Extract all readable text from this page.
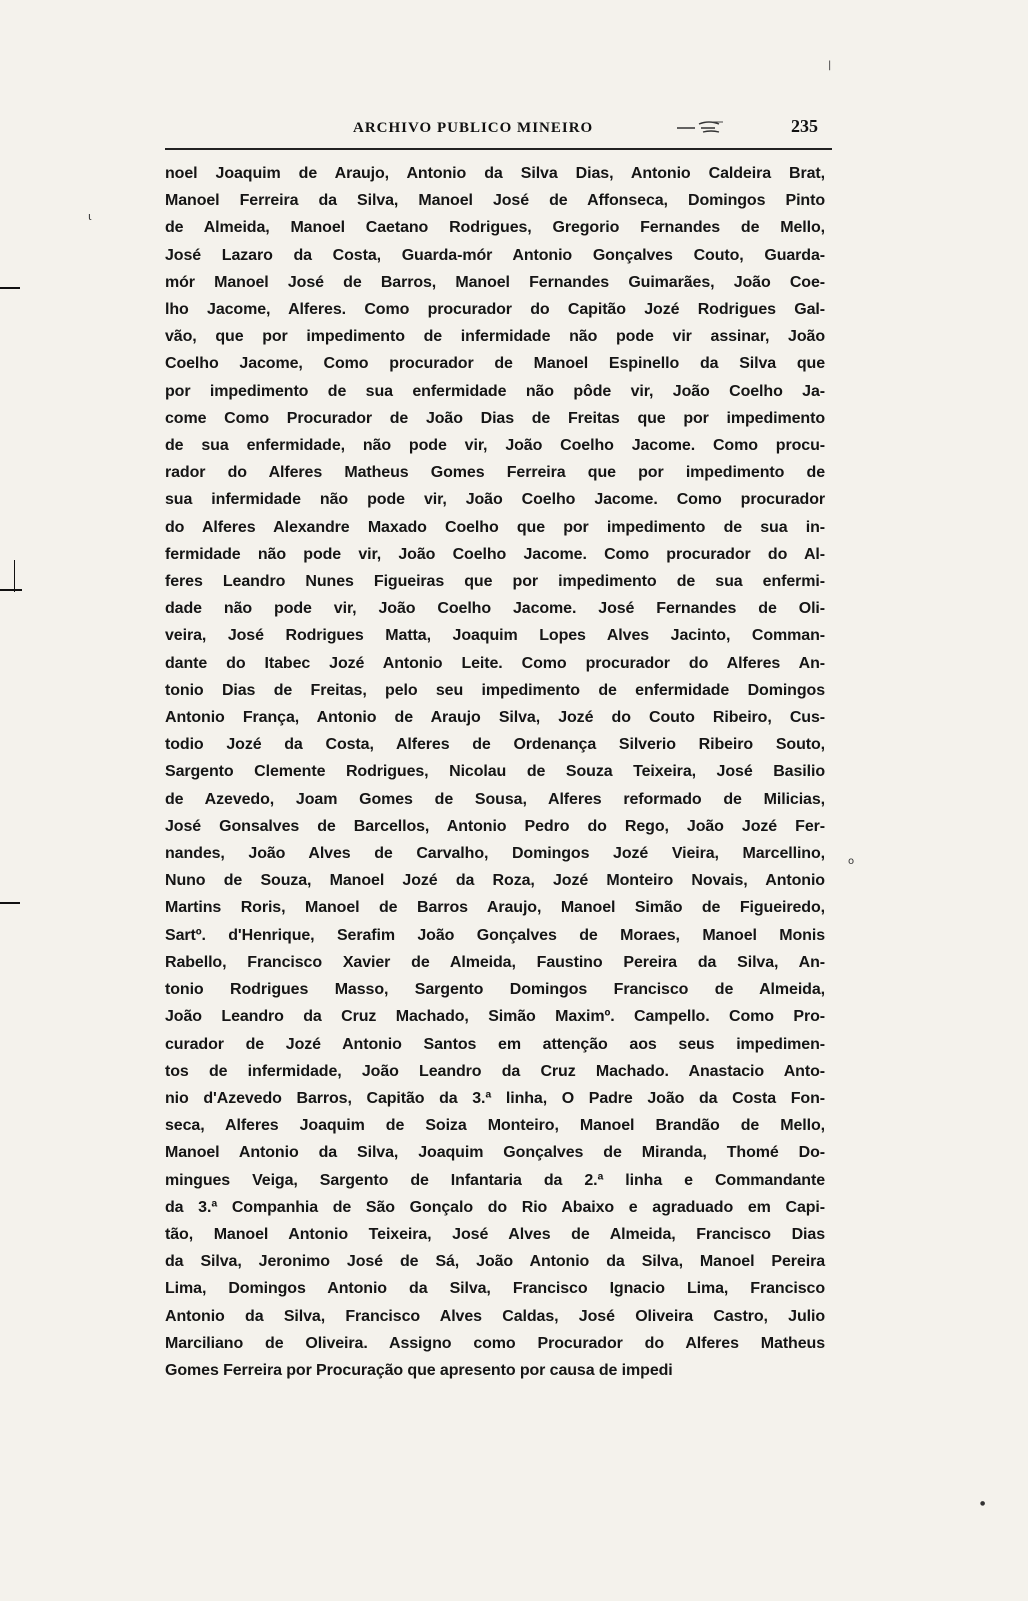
ARCHIVO PUBLICO MINEIRO	235
noel Joaquim de Araujo, Antonio da Silva Dias, Antonio Caldeira Brat,
Manoel Ferreira da Silva, Manoel José de Affonseca, Domingos Pinto
de Almeida, Manoel Caetano Rodrigues, Gregorio Fernandes de Mello,
José Lazaro da Costa, Guarda-mór Antonio Gonçalves Couto, Guarda-
mór Manoel José de Barros, Manoel Fernandes Guimarães, João Coe-
lho Jacome, Alferes. Como procurador do Capitão Jozé Rodrigues Gal-
vão, que por impedimento de infermidade não pode vir assinar, João
Coelho Jacome, Como procurador de Manoel Espinello da Silva que
por impedimento de sua enfermidade não pôde vir, João Coelho Ja-
come Como Procurador de João Dias de Freitas que por impedimento
de sua enfermidade, não pode vir, João Coelho Jacome. Como procu-
rador do Alferes Matheus Gomes Ferreira que por impedimento de
sua infermidade não pode vir, João Coelho Jacome. Como procurador
do Alferes Alexandre Maxado Coelho que por impedimento de sua in-
fermidade não pode vir, João Coelho Jacome. Como procurador do Al-
feres Leandro Nunes Figueiras que por impedimento de sua enfermi-
dade não pode vir, João Coelho Jacome. José Fernandes de Oli-
veira, José Rodrigues Matta, Joaquim Lopes Alves Jacinto, Comman-
dante do Itabec Jozé Antonio Leite. Como procurador do Alferes An-
tonio Dias de Freitas, pelo seu impedimento de enfermidade Domingos
Antonio França, Antonio de Araujo Silva, Jozé do Couto Ribeiro, Cus-
todio Jozé da Costa, Alferes de Ordenança Silverio Ribeiro Souto,
Sargento Clemente Rodrigues, Nicolau de Souza Teixeira, José Basilio
de Azevedo, Joam Gomes de Sousa, Alferes reformado de Milicias,
José Gonsalves de Barcellos, Antonio Pedro do Rego, João Jozé Fer-
nandes, João Alves de Carvalho, Domingos Jozé Vieira, Marcellino,
Nuno de Souza, Manoel Jozé da Roza, Jozé Monteiro Novais, Antonio
Martins Roris, Manoel de Barros Araujo, Manoel Simão de Figueiredo,
Sartº. d'Henrique, Serafim João Gonçalves de Moraes, Manoel Monis
Rabello, Francisco Xavier de Almeida, Faustino Pereira da Silva, An-
tonio Rodrigues Masso, Sargento Domingos Francisco de Almeida,
João Leandro da Cruz Machado, Simão Maximº. Campello. Como Pro-
curador de Jozé Antonio Santos em attenção aos seus impedimen-
tos de infermidade, João Leandro da Cruz Machado. Anastacio Anto-
nio d'Azevedo Barros, Capitão da 3.ª linha, O Padre João da Costa Fon-
seca, Alferes Joaquim de Soiza Monteiro, Manoel Brandão de Mello,
Manoel Antonio da Silva, Joaquim Gonçalves de Miranda, Thomé Do-
mingues Veiga, Sargento de Infantaria da 2.ª linha e Commandante
da 3.ª Companhia de São Gonçalo do Rio Abaixo e agraduado em Capi-
tão, Manoel Antonio Teixeira, José Alves de Almeida, Francisco Dias
da Silva, Jeronimo José de Sá, João Antonio da Silva, Manoel Pereira
Lima, Domingos Antonio da Silva, Francisco Ignacio Lima, Francisco
Antonio da Silva, Francisco Alves Caldas, José Oliveira Castro, Julio
Marciliano de Oliveira. Assigno como Procurador do Alferes Matheus
Gomes Ferreira por Procuração que apresento por causa de impedi
ι
o
●
|
